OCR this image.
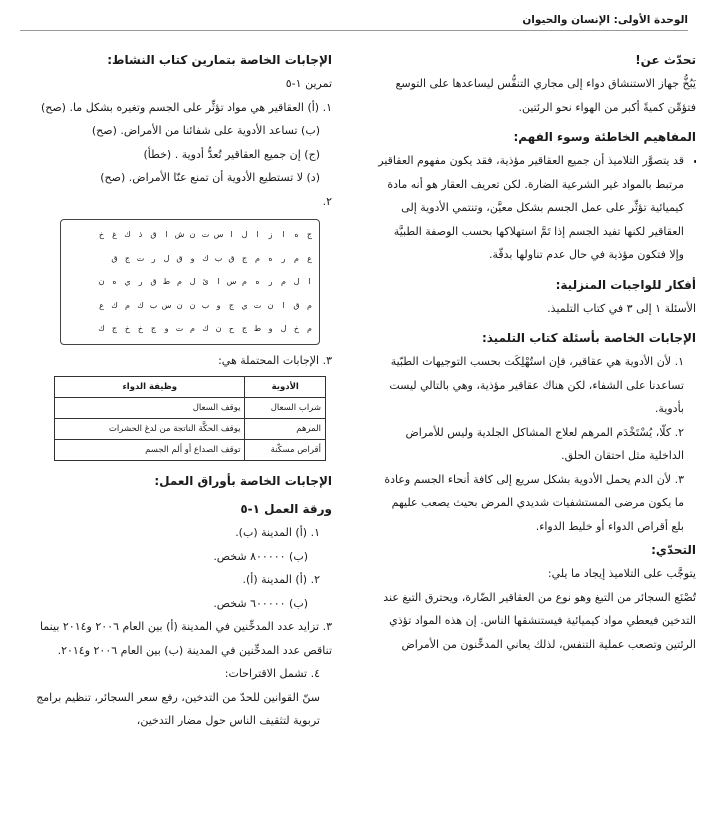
الوحدة الأولى: الإنسان والحيوان
تحدّث عن!

يَبُخُّ جهاز الاستنشاق دواء إلى مجاري التنفُّس ليساعدها على التوسع فتؤمِّن كميةً أكبر من الهواء نحو الرئتين.

المفاهيم الخاطئة وسوء الفهم:
• قد يتصوَّر التلاميذ أن جميع العقاقير مؤذية، فقد يكون مفهوم العقاقير مرتبط بالمواد غير الشرعية الضارة. لكن تعريف العقار هو أنه مادة كيميائية تؤثِّر على عمل الجسم بشكل معيَّن، وتنتمي الأدوية إلى العقاقير لكنها تفيد الجسم إذا تَمَّ استهلاكها بحسب الوصفة الطبيَّة وإلا فتكون مؤذية في حال عدم تناولها بدقّة.
أفكار للواجبات المنزلية:

الأسئلة ١ إلى ٣ في كتاب التلميذ.

الإجابات الخاصة بأسئلة كتاب التلميذ:

١. لأن الأدوية هي عقاقير، فإن استُهْلِكَت بحسب التوجيهات الطبّية تساعدنا على الشفاء، لكن هناك عقاقير مؤذية، وهي بالتالي ليست بأدوية.

٢. كلّا، يُسْتَخْدَم المرهم لعلاج المشاكل الجلدية وليس للأمراض الداخلية مثل احتقان الحلق.

٣. لأن الدم يحمل الأدوية بشكل سريع إلى كافة أنحاء الجسم وعادة ما يكون مرضى المستشفيات شديدي المرض بحيث يصعب عليهم بلع أقراص الدواء أو خليط الدواء.

التحدّي:

يتوجَّب على التلاميذ إيجاد ما يلي:

تُصْنَع السجائر من التبغ وهو نوع من العقاقير الضّارة، ويحترق التبغ عند التدخين فيعطي مواد كيميائية فيستنشقها الناس. إن هذه المواد تؤذي الرئتين وتصعب عملية التنفس، لذلك يعاني المدخِّنون من الأمراض

الإجابات الخاصة بتمارين كتاب النشاط:

تمرين ١-٥

١. (أ) العقاقير هي مواد تؤثِّر على الجسم وتغيره بشكل ما. (صح)

(ب) تساعد الأدوية على شفائنا من الأمراض. (صح)

(ج) إن جميع العقاقير تُعدُّ أدوية . (خطأ)

(د) لا تستطيع الأدوية أن تمنع عنّا الأمراض. (صح)

٢.

ج	ه	ا	ز	ا	ل	ا	س	ت	ن	ش	ا	ق	ذ	ك	غ	خ
ع	م	ر	ه	م	ج	ق	ب	ك	و	ق	ل	ر	ت	ج	ق	
ا	ل	م	ر	ه	م	س	ا	ئ	ل	م	ط	ق	ر	ي	ه	ن
م	ق	ا	ن	ت	ي	ج	و	ب	ن	ن	س	ب	ك	م	ك	ع
م	خ	ل	و	ط	ج	ح	ن	ك	م	ت	و	ج	خ	خ	ج	ك

٣. الإجابات المحتملة هي:

الأدوية	وظيفة الدواء
شراب السعال	يوقف السعال
المرهم	يوقف الحكَّة الناتجة من لدغ الحشرات
أقراص مسكّنة	توقف الصداع أو ألم الجسم
الإجابات الخاصة بأوراق العمل:
ورقة العمل ١-٥

١. (أ) المدينة (ب).

(ب) ٨٠٠٠٠٠ شخص.

٢. (أ) المدينة (أ).

(ب) ٦٠٠٠٠٠ شخص.

٣. تزايد عدد المدخِّنين في المدينة (أ) بين العام ٢٠٠٦ و٢٠١٤ بينما تناقص عدد المدخِّنين في المدينة (ب) بين العام ٢٠٠٦ و٢٠١٤.

٤. تشمل الاقتراحات:

سنّ القوانين للحدّ من التدخين، رفع سعر السجائر، تنظيم برامج تربوية لتثقيف الناس حول مضار التدخين،
